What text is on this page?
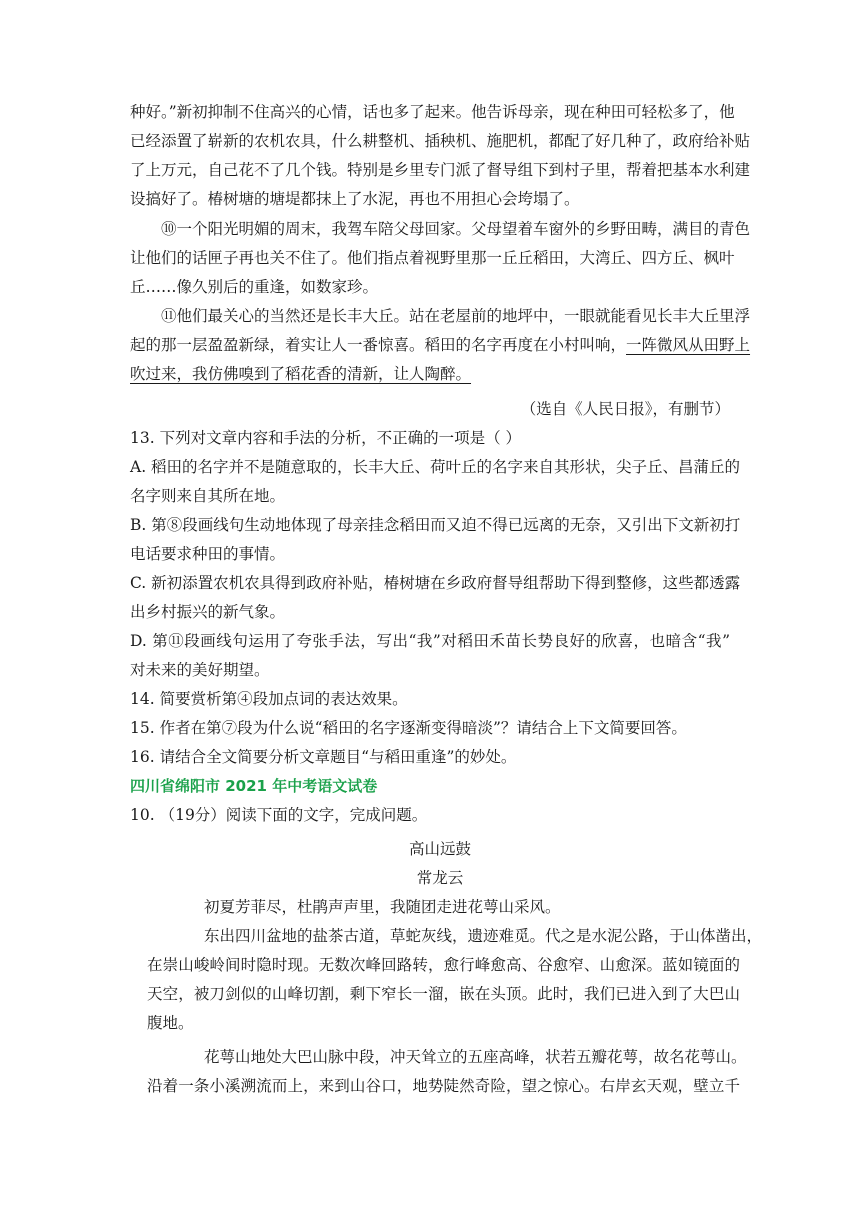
种好。”新初抑制不住高兴的心情，话也多了起来。他告诉母亲，现在种田可轻松多了，他
已经添置了崭新的农机农具，什么耕整机、插秧机、施肥机，都配了好几种了，政府给补贴
了上万元，自己花不了几个钱。特别是乡里专门派了督导组下到村子里，帮着把基本水利建
设搞好了。椿树塘的塘堤都抹上了水泥，再也不用担心会垮塌了。
⑩一个阳光明媚的周末，我驾车陪父母回家。父母望着车窗外的乡野田畴，满目的青色
让他们的话匣子再也关不住了。他们指点着视野里那一丘丘稻田，大湾丘、四方丘、枫叶
丘……像久别后的重逢，如数家珍。
⑪他们最关心的当然还是长丰大丘。站在老屋前的地坪中，一眼就能看见长丰大丘里浮
起的那一层盈盈新绿，着实让人一番惊喜。稻田的名字再度在小村叫响，一阵微风从田野上
吹过来，我仿佛嗅到了稻花香的清新，让人陶醉。
（选自《人民日报》，有删节）
13. 下列对文章内容和手法的分析，不正确的一项是（ ）
A. 稻田的名字并不是随意取的，长丰大丘、荷叶丘的名字来自其形状，尖子丘、昌蒲丘的
名字则来自其所在地。
B. 第⑧段画线句生动地体现了母亲挂念稻田而又迫不得已远离的无奈，又引出下文新初打
电话要求种田的事情。
C. 新初添置农机农具得到政府补贴，椿树塘在乡政府督导组帮助下得到整修，这些都透露
出乡村振兴的新气象。
D. 第⑪段画线句运用了夸张手法，写出“我”对稻田禾苗长势良好的欣喜，也暗含“我”
对未来的美好期望。
14. 简要赏析第④段加点词的表达效果。
15. 作者在第⑦段为什么说“稻田的名字逐渐变得暗淡”？请结合上下文简要回答。
16. 请结合全文简要分析文章题目“与稻田重逢”的妙处。
四川省绵阳市 2021 年中考语文试卷
10. （19分）阅读下面的文字，完成问题。
高山远鼓
常龙云
初夏芳菲尽，杜鹃声声里，我随团走进花萼山采风。
东出四川盆地的盐茶古道，草蛇灰线，遗迹难觅。代之是水泥公路，于山体凿出，
在崇山峻岭间时隐时现。无数次峰回路转，愈行峰愈高、谷愈窄、山愈深。蓝如镜面的
天空，被刀剑似的山峰切割，剩下窄长一溜，嵌在头顶。此时，我们已进入到了大巴山
腹地。
花萼山地处大巴山脉中段，冲天耸立的五座高峰，状若五瓣花萼，故名花萼山。
沿着一条小溪溯流而上，来到山谷口，地势陡然奇险，望之惊心。右岸玄天观，壁立千
